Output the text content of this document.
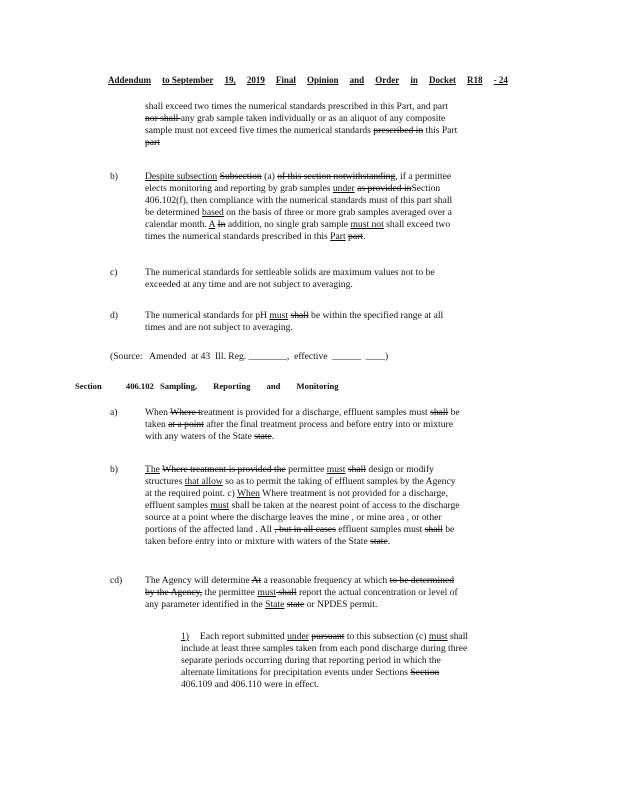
Addendum to September 19, 2019 Final Opinion and Order in Docket R18 - 24
shall exceed two times the numerical standards prescribed in this Part, and part
nor shall any grab sample taken individually or as an aliquot of any composite
sample must not exceed five times the numerical standards prescribed in this Part
part
b)	Despite subsection Subsection (a) of this section notwithstanding, if a permittee
elects monitoring and reporting by grab samples under as provided inSection
406.102(f), then compliance with the numerical standards must of this part shall
be determined based on the basis of three or more grab samples averaged over a
calendar month. A In addition, no single grab sample must not shall exceed two
times the numerical standards prescribed in this Part part.
c)	The numerical standards for settleable solids are maximum values not to be
exceeded at any time and are not subject to averaging.
d)	The numerical standards for pH must shall be within the specified range at all
times and are not subject to averaging.
(Source:   Amended  at 43  Ill. Reg. ________,  effective  ______  ____)
Section	406.102 Sampling, Reporting and Monitoring
a)	When Where treatment is provided for a discharge, effluent samples must shall be
taken at a point after the final treatment process and before entry into or mixture
with any waters of the State state.
b)	The Where treatment is provided the permittee must shall design or modify
structures that allow so as to permit the taking of effluent samples by the Agency
at the required point. c) When Where treatment is not provided for a discharge,
effluent samples must shall be taken at the nearest point of access to the discharge
source at a point where the discharge leaves the mine , or mine area , or other
portions of the affected land . All , but in all cases effluent samples must shall be
taken before entry into or mixture with waters of the State state.
cd) The Agency will determine At a reasonable frequency at which to be determined
by the Agency, the permittee must shall report the actual concentration or level of
any parameter identified in the State state or NPDES permit.
1)	Each report submitted under pursuant to this subsection (c) must shall
include at least three samples taken from each pond discharge during three
separate periods occurring during that reporting period in which the
alternate limitations for precipitation events under Sections Section
406.109 and 406.110 were in effect.
